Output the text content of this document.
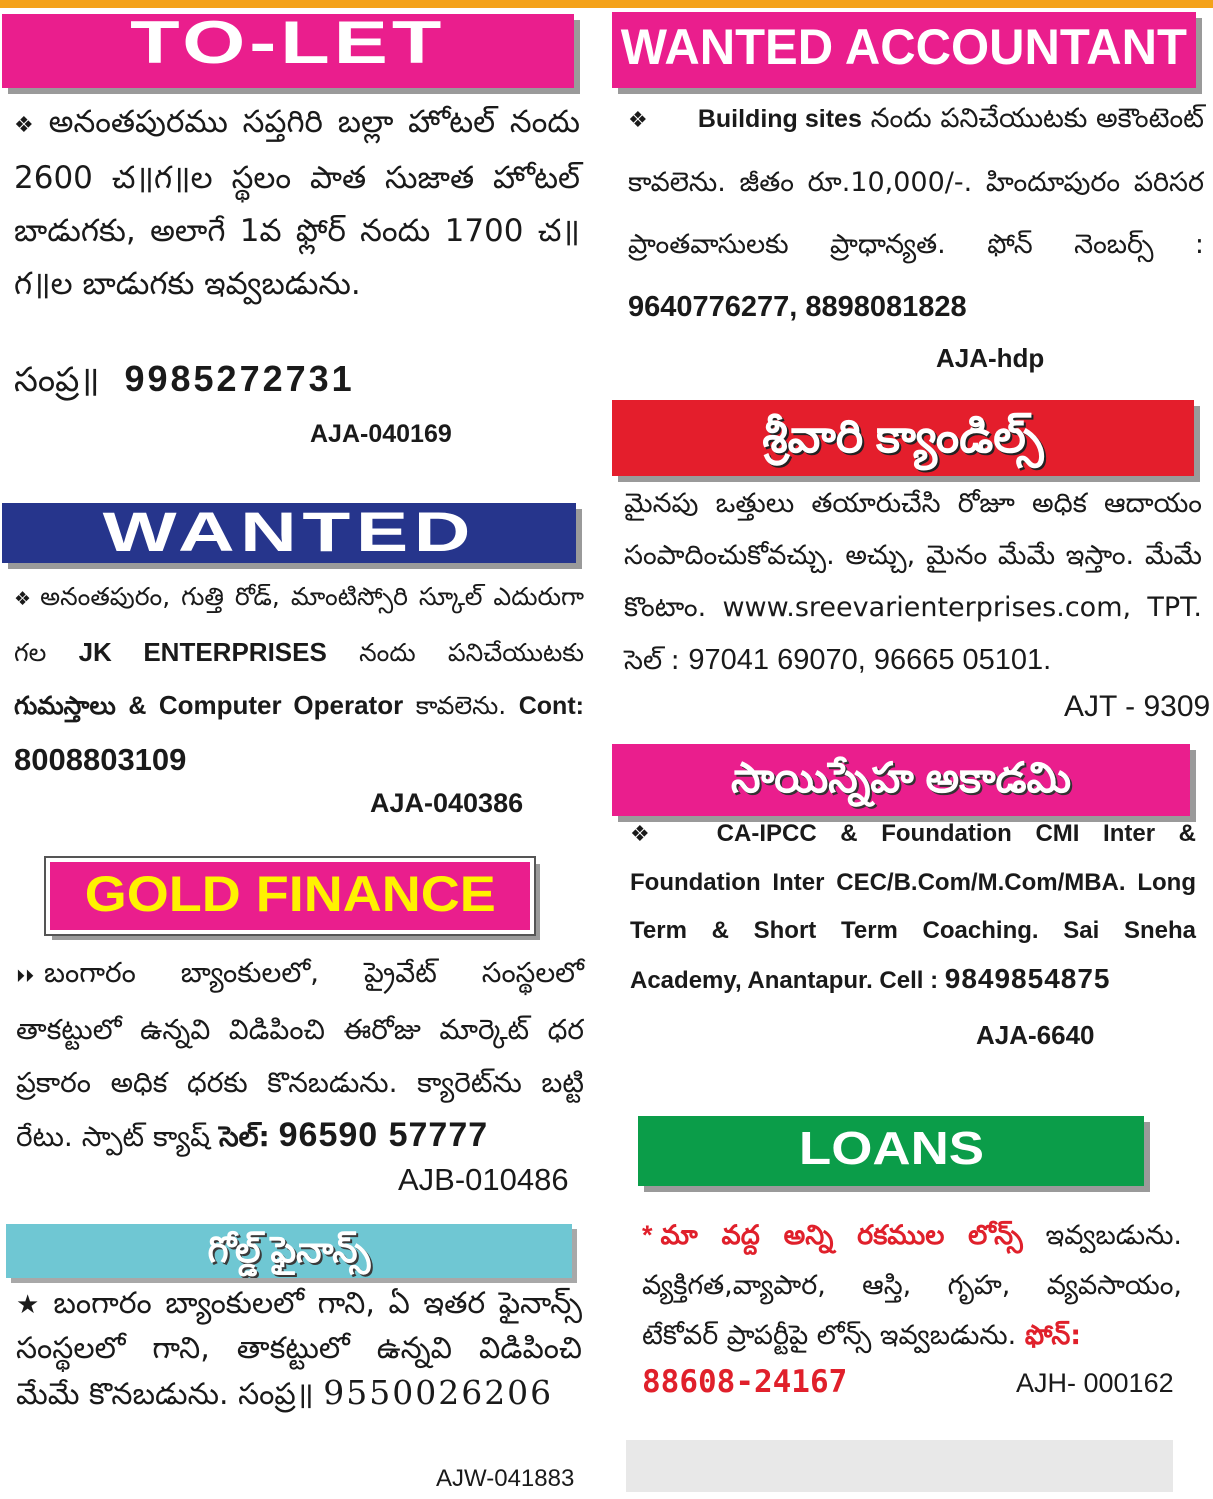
TO-LET
❖ అనంతపురము సప్తగిరి బల్లా హోటల్ నందు 2600 చ॥గ॥ల స్థలం పాత సుజాత హోటల్ బాడుగకు, అలాగే 1వ ఫ్లోర్ నందు 1700 చ॥గ॥ల బాడుగకు ఇవ్వబడును.
సంప్ర॥ 9985272731
AJA-040169
WANTED
❖ అనంతపురం, గుత్తి రోడ్, మాంటిస్సోరి స్కూల్ ఎదురుగా గల JK ENTERPRISES నందు పనిచేయుటకు గుమస్తాలు & Computer Operator కావలెను. Cont: 8008803109
AJA-040386
GOLD FINANCE
⏵⏵ బంగారం బ్యాంకులలో, ప్రైవేట్ సంస్థలలో తాకట్టులో ఉన్నవి విడిపించి ఈరోజు మార్కెట్ ధర ప్రకారం అధిక ధరకు కొనబడును. క్యారెట్‌ను బట్టి రేటు. స్పాట్ క్యాష్ సెల్: 96590 57777
AJB-010486
గోల్డ్ ఫైనాన్స్
★ బంగారం బ్యాంకులలో గాని, ఏ ఇతర ఫైనాన్స్ సంస్థలలో గాని, తాకట్టులో ఉన్నవి విడిపించి మేమే కొనబడును. సంప్ర॥ 9550026206
AJW-041883
WANTED ACCOUNTANT
❖ Building sites నందు పనిచేయుటకు అకౌంటెంట్ కావలెను. జీతం రూ.10,000/-. హిందూపురం పరిసర ప్రాంతవాసులకు ప్రాధాన్యత. ఫోన్ నెంబర్స్ : 9640776277, 8898081828
AJA-hdp
శ్రీవారి క్యాండిల్స్
మైనపు ఒత్తులు తయారుచేసి రోజూ అధిక ఆదాయం సంపాదించుకోవచ్చు. అచ్చు, మైనం మేమే ఇస్తాం. మేమే కొంటాం. www.sreevarienterprises.com, TPT. సెల్ : 97041 69070, 96665 05101.
AJT - 9309
సాయిస్నేహ అకాడమి
❖ CA-IPCC & Foundation CMI Inter & Foundation Inter CEC/B.Com/M.Com/MBA. Long Term & Short Term Coaching. Sai Sneha Academy, Anantapur. Cell : 9849854875
AJA-6640
LOANS
* మా వద్ద అన్ని రకముల లోన్స్ ఇవ్వబడును. వ్యక్తిగత,వ్యాపార, ఆస్తి, గృహ, వ్యవసాయం, టేకోవర్ ప్రాపర్టీపై లోన్స్ ఇవ్వబడును. ఫోన్:
88608-24167	AJH- 000162
